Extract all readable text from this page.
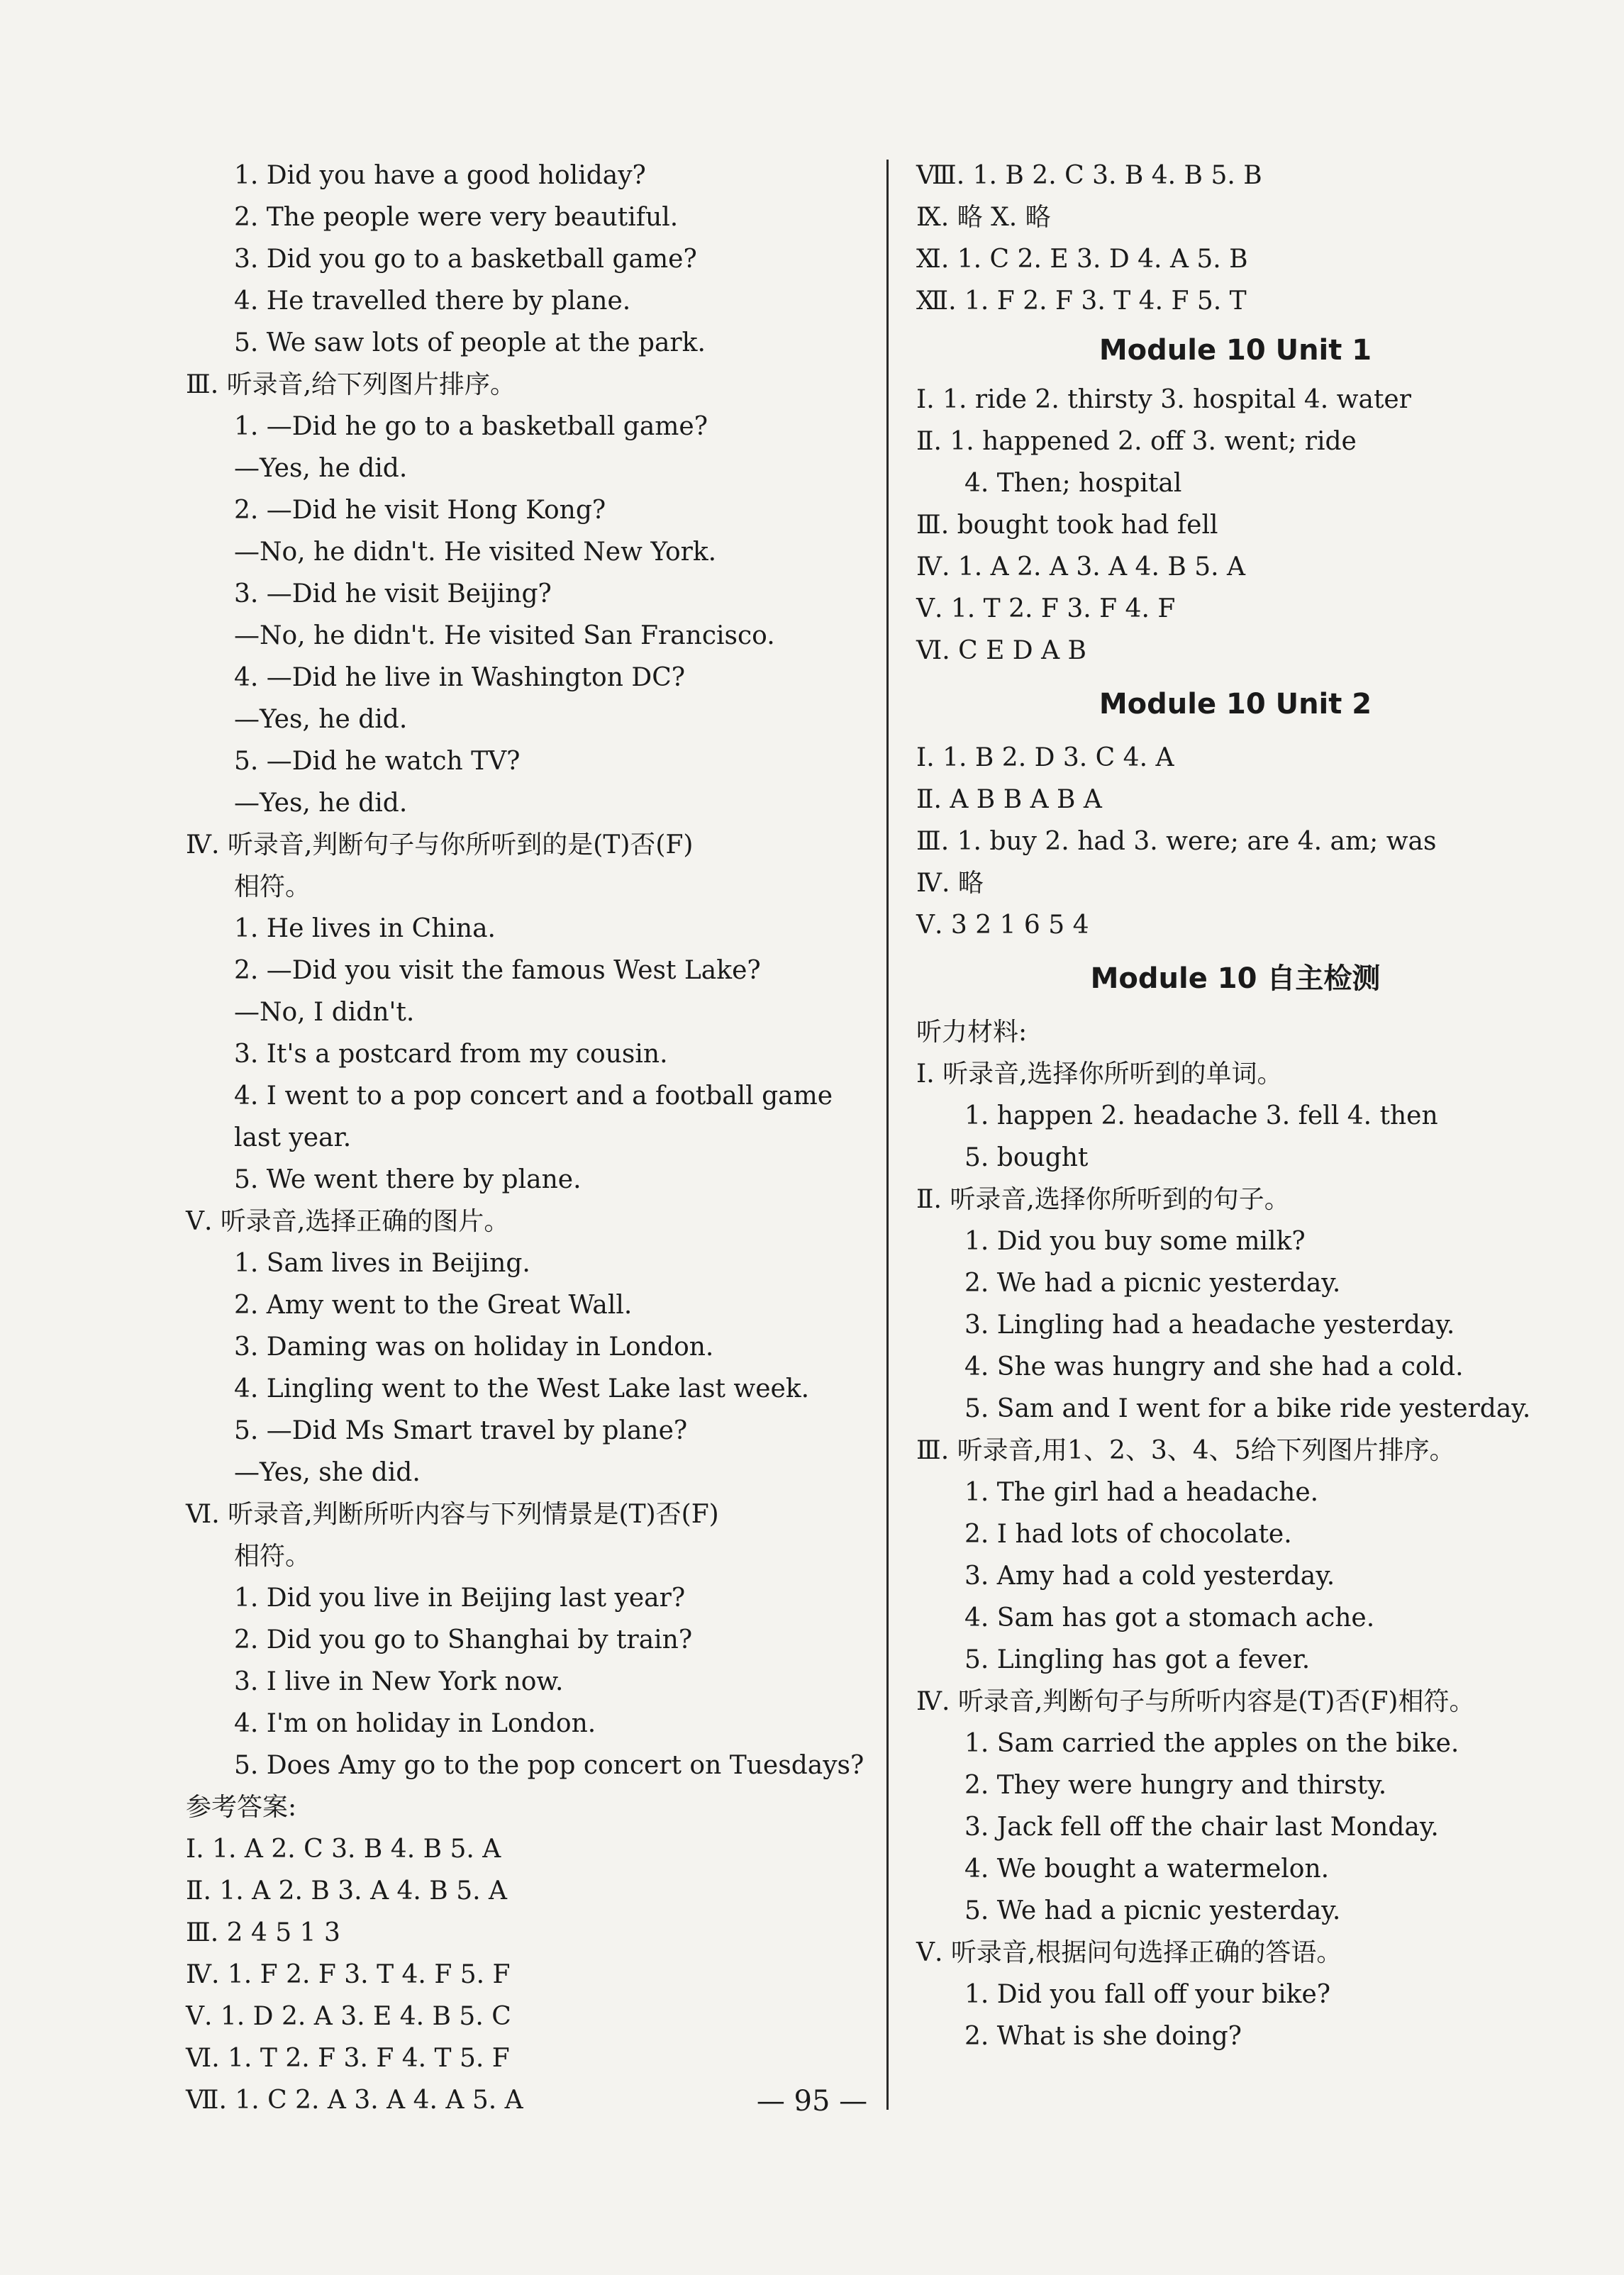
1. Did you have a good holiday?
2. The people were very beautiful.
3. Did you go to a basketball game?
4. He travelled there by plane.
5. We saw lots of people at the park.
Ⅲ. 听录音,给下列图片排序。
1. —Did he go to a basketball game?
—Yes, he did.
2. —Did he visit Hong Kong?
—No, he didn't. He visited New York.
3. —Did he visit Beijing?
—No, he didn't. He visited San Francisco.
4. —Did he live in Washington DC?
—Yes, he did.
5. —Did he watch TV?
—Yes, he did.
Ⅳ. 听录音,判断句子与你所听到的是(T)否(F)
相符。
1. He lives in China.
2. —Did you visit the famous West Lake?
—No, I didn't.
3. It's a postcard from my cousin.
4. I went to a pop concert and a football game
last year.
5. We went there by plane.
Ⅴ. 听录音,选择正确的图片。
1. Sam lives in Beijing.
2. Amy went to the Great Wall.
3. Daming was on holiday in London.
4. Lingling went to the West Lake last week.
5. —Did Ms Smart travel by plane?
—Yes, she did.
Ⅵ. 听录音,判断所听内容与下列情景是(T)否(F)
相符。
1. Did you live in Beijing last year?
2. Did you go to Shanghai by train?
3. I live in New York now.
4. I'm on holiday in London.
5. Does Amy go to the pop concert on Tuesdays?
参考答案:
Ⅰ. 1. A 2. C 3. B 4. B 5. A
Ⅱ. 1. A 2. B 3. A 4. B 5. A
Ⅲ. 2 4 5 1 3
Ⅳ. 1. F 2. F 3. T 4. F 5. F
Ⅴ. 1. D 2. A 3. E 4. B 5. C
Ⅵ. 1. T 2. F 3. F 4. T 5. F
Ⅶ. 1. C 2. A 3. A 4. A 5. A
Ⅷ. 1. B 2. C 3. B 4. B 5. B
Ⅸ. 略 Ⅹ. 略
Ⅺ. 1. C 2. E 3. D 4. A 5. B
Ⅻ. 1. F 2. F 3. T 4. F 5. T
Module 10 Unit 1
Ⅰ. 1. ride 2. thirsty 3. hospital 4. water
Ⅱ. 1. happened 2. off 3. went; ride
4. Then; hospital
Ⅲ. bought took had fell
Ⅳ. 1. A 2. A 3. A 4. B 5. A
Ⅴ. 1. T 2. F 3. F 4. F
Ⅵ. C E D A B
Module 10 Unit 2
Ⅰ. 1. B 2. D 3. C 4. A
Ⅱ. A B B A B A
Ⅲ. 1. buy 2. had 3. were; are 4. am; was
Ⅳ. 略
Ⅴ. 3 2 1 6 5 4
Module 10 自主检测
听力材料:
Ⅰ. 听录音,选择你所听到的单词。
1. happen 2. headache 3. fell 4. then
5. bought
Ⅱ. 听录音,选择你所听到的句子。
1. Did you buy some milk?
2. We had a picnic yesterday.
3. Lingling had a headache yesterday.
4. She was hungry and she had a cold.
5. Sam and I went for a bike ride yesterday.
Ⅲ. 听录音,用1、2、3、4、5给下列图片排序。
1. The girl had a headache.
2. I had lots of chocolate.
3. Amy had a cold yesterday.
4. Sam has got a stomach ache.
5. Lingling has got a fever.
Ⅳ. 听录音,判断句子与所听内容是(T)否(F)相符。
1. Sam carried the apples on the bike.
2. They were hungry and thirsty.
3. Jack fell off the chair last Monday.
4. We bought a watermelon.
5. We had a picnic yesterday.
Ⅴ. 听录音,根据问句选择正确的答语。
1. Did you fall off your bike?
2. What is she doing?
— 95 —
